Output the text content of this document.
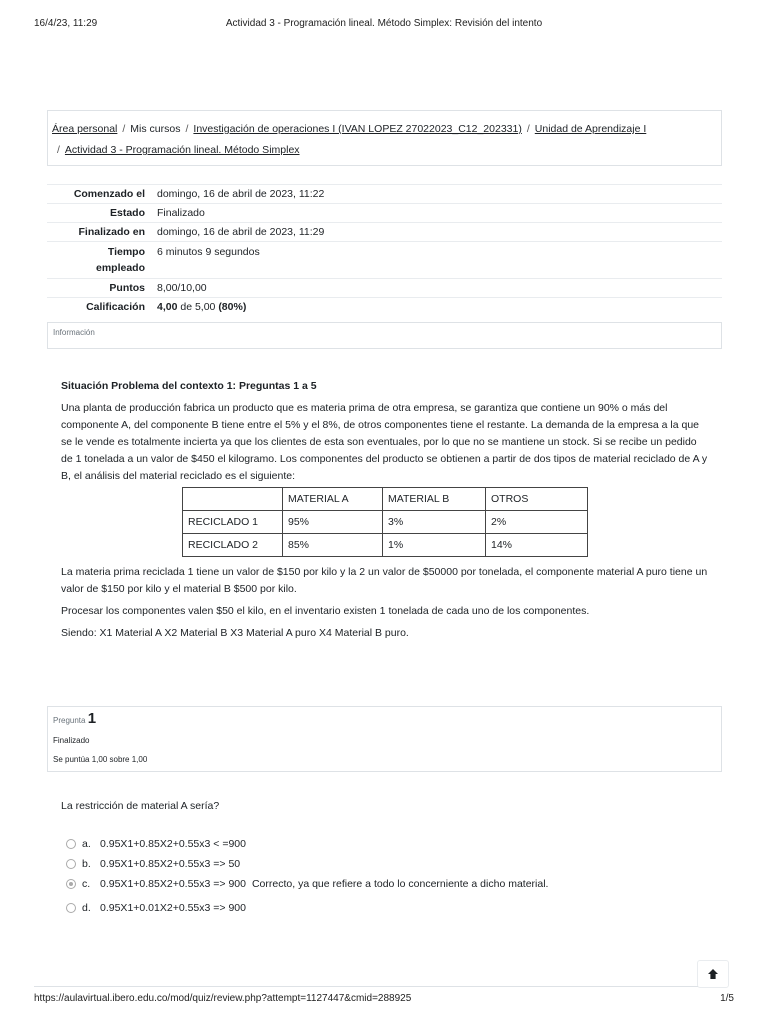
16/4/23, 11:29	Actividad 3 - Programación lineal. Método Simplex: Revisión del intento
Área personal / Mis cursos / Investigación de operaciones I (IVAN LOPEZ 27022023_C12_202331) / Unidad de Aprendizaje I
/ Actividad 3 - Programación lineal. Método Simplex
Comenzado el	domingo, 16 de abril de 2023, 11:22
Estado	Finalizado
Finalizado en	domingo, 16 de abril de 2023, 11:29
Tiempo empleado	6 minutos 9 segundos
Puntos	8,00/10,00
Calificación	4,00 de 5,00 (80%)
Información
Situación Problema del contexto 1: Preguntas 1 a 5

Una planta de producción fabrica un producto que es materia prima de otra empresa, se garantiza que contiene un 90% o más del componente A, del componente B tiene entre el 5% y el 8%, de otros componentes tiene el restante. La demanda de la empresa a la que se le vende es totalmente incierta ya que los clientes de esta son eventuales, por lo que no se mantiene un stock. Si se recibe un pedido de 1 tonelada a un valor de $450 el kilogramo. Los componentes del producto se obtienen a partir de dos tipos de material reciclado de A y B, el análisis del material reciclado es el siguiente:

	MATERIAL A	MATERIAL B	OTROS
RECICLADO 1	95%	3%	2%
RECICLADO 2	85%	1%	14%

La materia prima reciclada 1 tiene un valor de $150 por kilo y la 2 un valor de $50000 por tonelada, el componente material A puro tiene un valor de $150 por kilo y el material B $500 por kilo.

Procesar los componentes valen $50 el kilo, en el inventario existen 1 tonelada de cada uno de los componentes.

Siendo: X1 Material A X2 Material B X3 Material A puro X4 Material B puro.

Pregunta 1
Finalizado
Se puntúa 1,00 sobre 1,00
La restricción de material A sería?
a. 0.95X1+0.85X2+0.55x3 < =900
b. 0.95X1+0.85X2+0.55x3 => 50
c. 0.95X1+0.85X2+0.55x3 => 900 Correcto, ya que refiere a todo lo concerniente a dicho material.
d. 0.95X1+0.01X2+0.55x3 => 900
https://aulavirtual.ibero.edu.co/mod/quiz/review.php?attempt=1127447&cmid=288925	1/5
